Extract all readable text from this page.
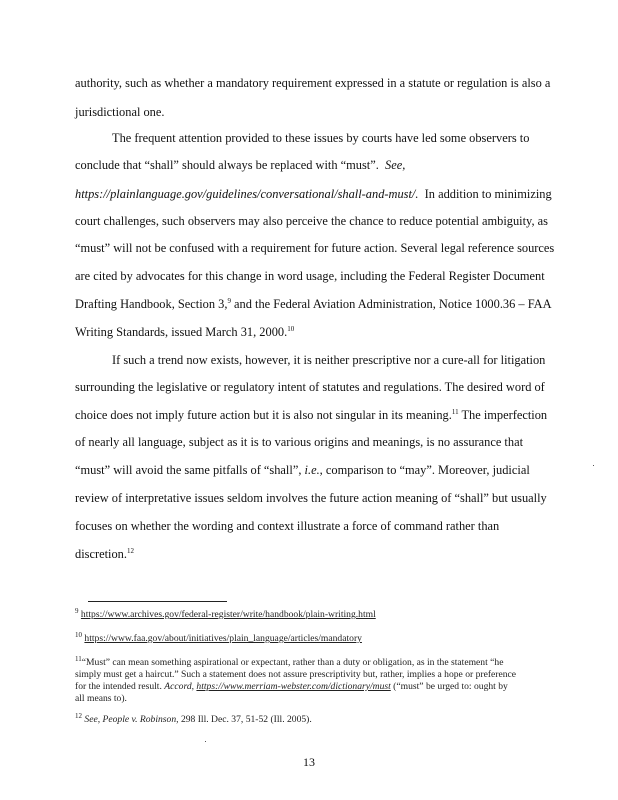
authority, such as whether a mandatory requirement expressed in a statute or regulation is also a
jurisdictional one.
The frequent attention provided to these issues by courts have led some observers to
conclude that “shall” should always be replaced with “must”. See,
https://plainlanguage.gov/guidelines/conversational/shall-and-must/. In addition to minimizing
court challenges, such observers may also perceive the chance to reduce potential ambiguity, as
“must” will not be confused with a requirement for future action. Several legal reference sources
are cited by advocates for this change in word usage, including the Federal Register Document
Drafting Handbook, Section 3,$^9$ and the Federal Aviation Administration, Notice 1000.36 – FAA
Writing Standards, issued March 31, 2000.10
If such a trend now exists, however, it is neither prescriptive nor a cure-all for litigation
surrounding the legislative or regulatory intent of statutes and regulations. The desired word of
choice does not imply future action but it is also not singular in its meaning.$^{11}$ The imperfection
of nearly all language, subject as it is to various origins and meanings, is no assurance that
“must” will avoid the same pitfalls of “shall”, i.e., comparison to “may”. Moreover, judicial
review of interpretative issues seldom involves the future action meaning of “shall” but usually
focuses on whether the wording and context illustrate a force of command rather than
discretion.$^{12}$
$^9$ https://www.archives.gov/federal-register/write/handbook/plain-writing.html
$^{10}$ https://www.faa.gov/about/initiatives/plain_language/articles/mandatory
$^{11}$“Must” can mean something aspirational or expectant, rather than a duty or obligation, as in the statement “he
simply must get a haircut.” Such a statement does not assure prescriptivity but, rather, implies a hope or preference
for the intended result. Accord, https://www.merriam-webster.com/dictionary/must (“must” be urged to: ought by
all means to).
$^{12}$ See, People v. Robinson, 298 Ill. Dec. 37, 51-52 (Ill. 2005).
13
